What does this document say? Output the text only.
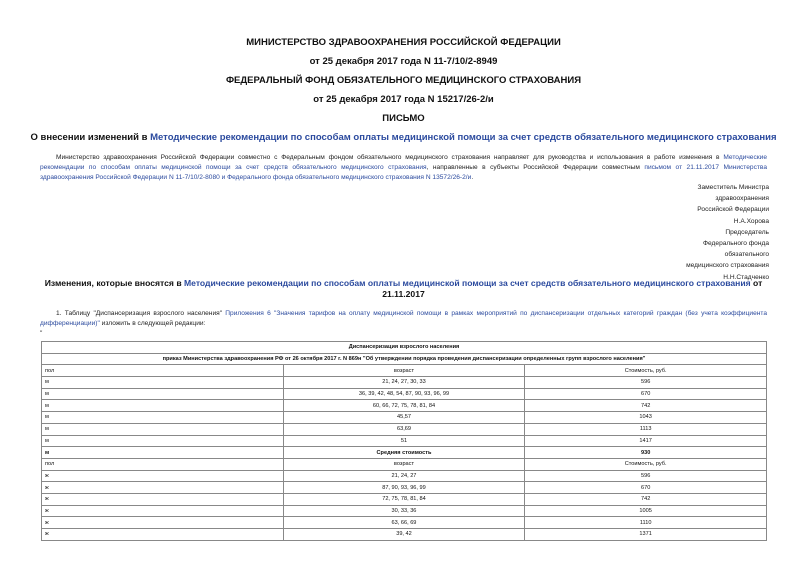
МИНИСТЕРСТВО ЗДРАВООХРАНЕНИЯ РОССИЙСКОЙ ФЕДЕРАЦИИ
от 25 декабря 2017 года N 11-7/10/2-8949
ФЕДЕРАЛЬНЫЙ ФОНД ОБЯЗАТЕЛЬНОГО МЕДИЦИНСКОГО СТРАХОВАНИЯ
от 25 декабря 2017 года N 15217/26-2/и
ПИСЬМО
О внесении изменений в Методические рекомендации по способам оплаты медицинской помощи за счет средств обязательного медицинского страхования
Министерство здравоохранения Российской Федерации совместно с Федеральным фондом обязательного медицинского страхования направляет для руководства и использования в работе изменения в Методические рекомендации по способам оплаты медицинской помощи за счет средств обязательного медицинского страхования, направленные в субъекты Российской Федерации совместным письмом от 21.11.2017 Министерства здравоохранения Российской Федерации N 11-7/10/2-8080 и Федерального фонда обязательного медицинского страхования N 13572/26-2/и.
Заместитель Министра
здравоохранения
Российской Федерации
Н.А.Хорова
Председатель
Федерального фонда
обязательного
медицинского страхования
Н.Н.Стадченко
Изменения, которые вносятся в Методические рекомендации по способам оплаты медицинской помощи за счет средств обязательного медицинского страхования от 21.11.2017
1. Таблицу "Диспансеризация взрослого населения" Приложения 6 "Значения тарифов на оплату медицинской помощи в рамках мероприятий по диспансеризации отдельных категорий граждан (без учета коэффициента дифференциации)" изложить в следующей редакции:
"
Диспансеризация взрослого населения		
приказ Министерства здравоохранения РФ от 26 октября 2017 г. N 869н "Об утверждении порядка проведения диспансеризации определенных групп взрослого населения"		
пол	возраст	Стоимость, руб.
м	21, 24, 27, 30, 33	596
м	36, 39, 42, 48, 54, 87, 90, 93, 96, 99	670
м	60, 66, 72, 75, 78, 81, 84	742
м	45,57	1043
м	63,69	1113
м	51	1417
м	Средняя стоимость	930
пол	возраст	Стоимость, руб.
ж	21, 24, 27	596
ж	87, 90, 93, 96, 99	670
ж	72, 75, 78, 81, 84	742
ж	30, 33, 36	1005
ж	63, 66, 69	1110
ж	39, 42	1371
